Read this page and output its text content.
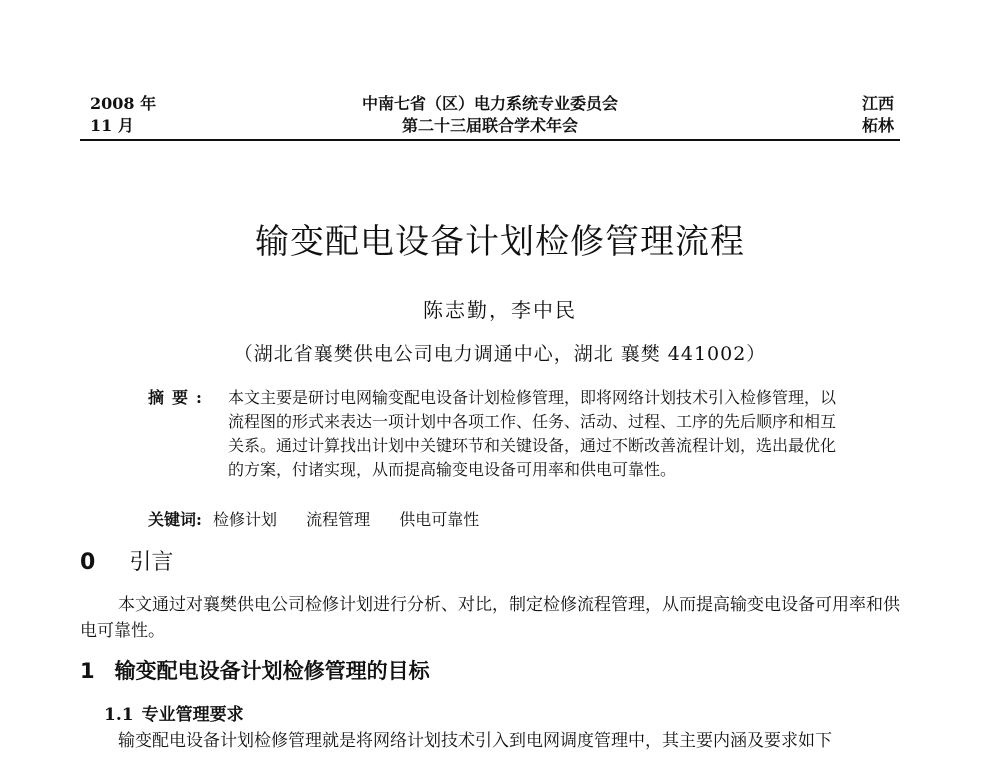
2008 年
11 月
中南七省（区）电力系统专业委员会
第二十三届联合学术年会
江西
柘林
输变配电设备计划检修管理流程
陈志勤，李中民
（湖北省襄樊供电公司电力调通中心，湖北 襄樊 441002）
摘要: 本文主要是研讨电网输变配电设备计划检修管理，即将网络计划技术引入检修管理，以流程图的形式来表达一项计划中各项工作、任务、活动、过程、工序的先后顺序和相互关系。通过计算找出计划中关键环节和关键设备，通过不断改善流程计划，选出最优化的方案，付诸实现，从而提高输变电设备可用率和供电可靠性。
关键词: 检修计划 流程管理 供电可靠性
0 引言
本文通过对襄樊供电公司检修计划进行分析、对比，制定检修流程管理，从而提高输变电设备可用率和供电可靠性。
1 输变配电设备计划检修管理的目标
1.1 专业管理要求
输变配电设备计划检修管理就是将网络计划技术引入到电网调度管理中，其主要内涵及要求如下
